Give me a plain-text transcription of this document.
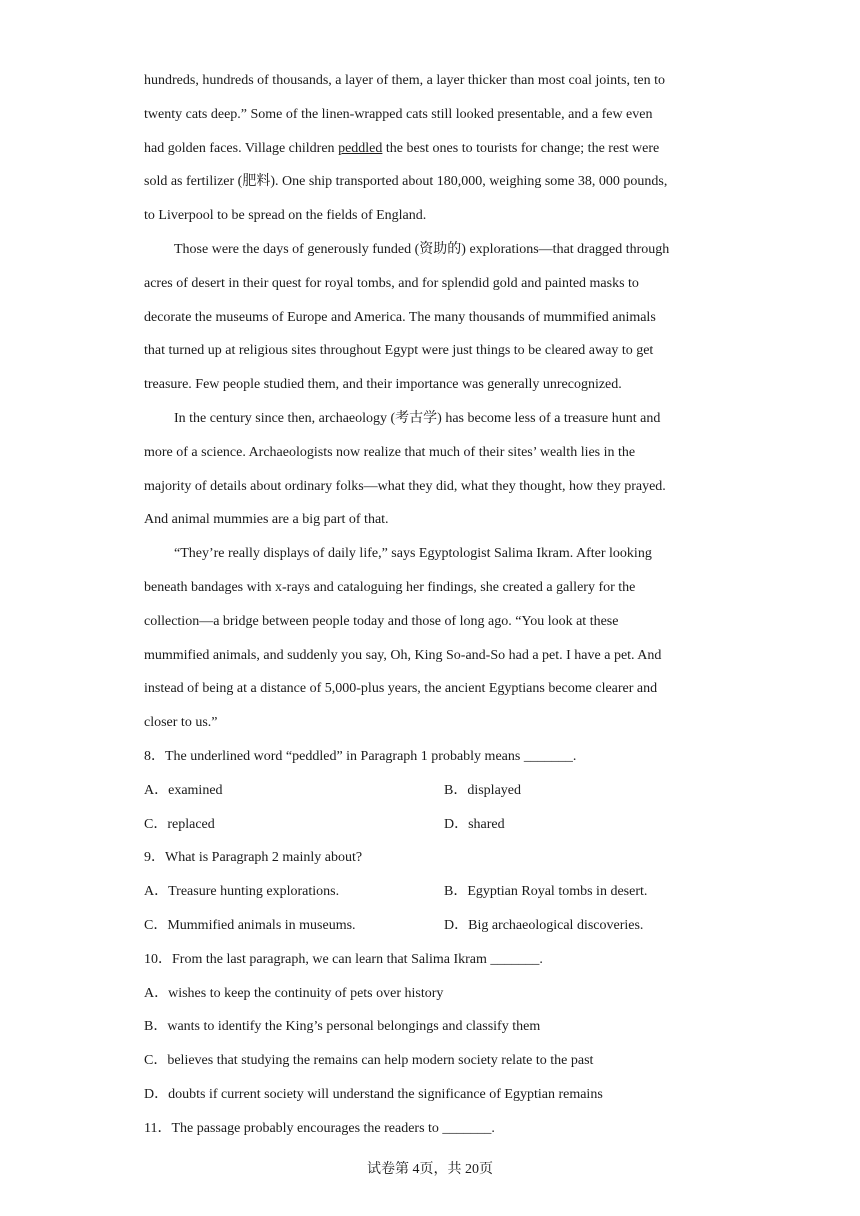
hundreds, hundreds of thousands, a layer of them, a layer thicker than most coal joints, ten to
twenty cats deep.” Some of the linen-wrapped cats still looked presentable, and a few even
had golden faces. Village children peddled the best ones to tourists for change; the rest were
sold as fertilizer (肥料). One ship transported about 180,000, weighing some 38, 000 pounds,
to Liverpool to be spread on the fields of England.
Those were the days of generously funded (资助的) explorations—that dragged through
acres of desert in their quest for royal tombs, and for splendid gold and painted masks to
decorate the museums of Europe and America. The many thousands of mummified animals
that turned up at religious sites throughout Egypt were just things to be cleared away to get
treasure. Few people studied them, and their importance was generally unrecognized.
In the century since then, archaeology (考古学) has become less of a treasure hunt and
more of a science. Archaeologists now realize that much of their sites’ wealth lies in the
majority of details about ordinary folks—what they did, what they thought, how they prayed.
And animal mummies are a big part of that.
“They’re really displays of daily life,” says Egyptologist Salima Ikram. After looking
beneath bandages with x-rays and cataloguing her findings, she created a gallery for the
collection—a bridge between people today and those of long ago. “You look at these
mummified animals, and suddenly you say, Oh, King So-and-So had a pet. I have a pet. And
instead of being at a distance of 5,000-plus years, the ancient Egyptians become clearer and
closer to us.”
8．The underlined word “peddled” in Paragraph 1 probably means _______.
A．examined	B．displayed
C．replaced	D．shared
9．What is Paragraph 2 mainly about?
A．Treasure hunting explorations.	B．Egyptian Royal tombs in desert.
C．Mummified animals in museums.	D．Big archaeological discoveries.
10．From the last paragraph, we can learn that Salima Ikram _______.
A．wishes to keep the continuity of pets over history
B．wants to identify the King’s personal belongings and classify them
C．believes that studying the remains can help modern society relate to the past
D．doubts if current society will understand the significance of Egyptian remains
11．The passage probably encourages the readers to _______.
试卷第 4页，共 20页
